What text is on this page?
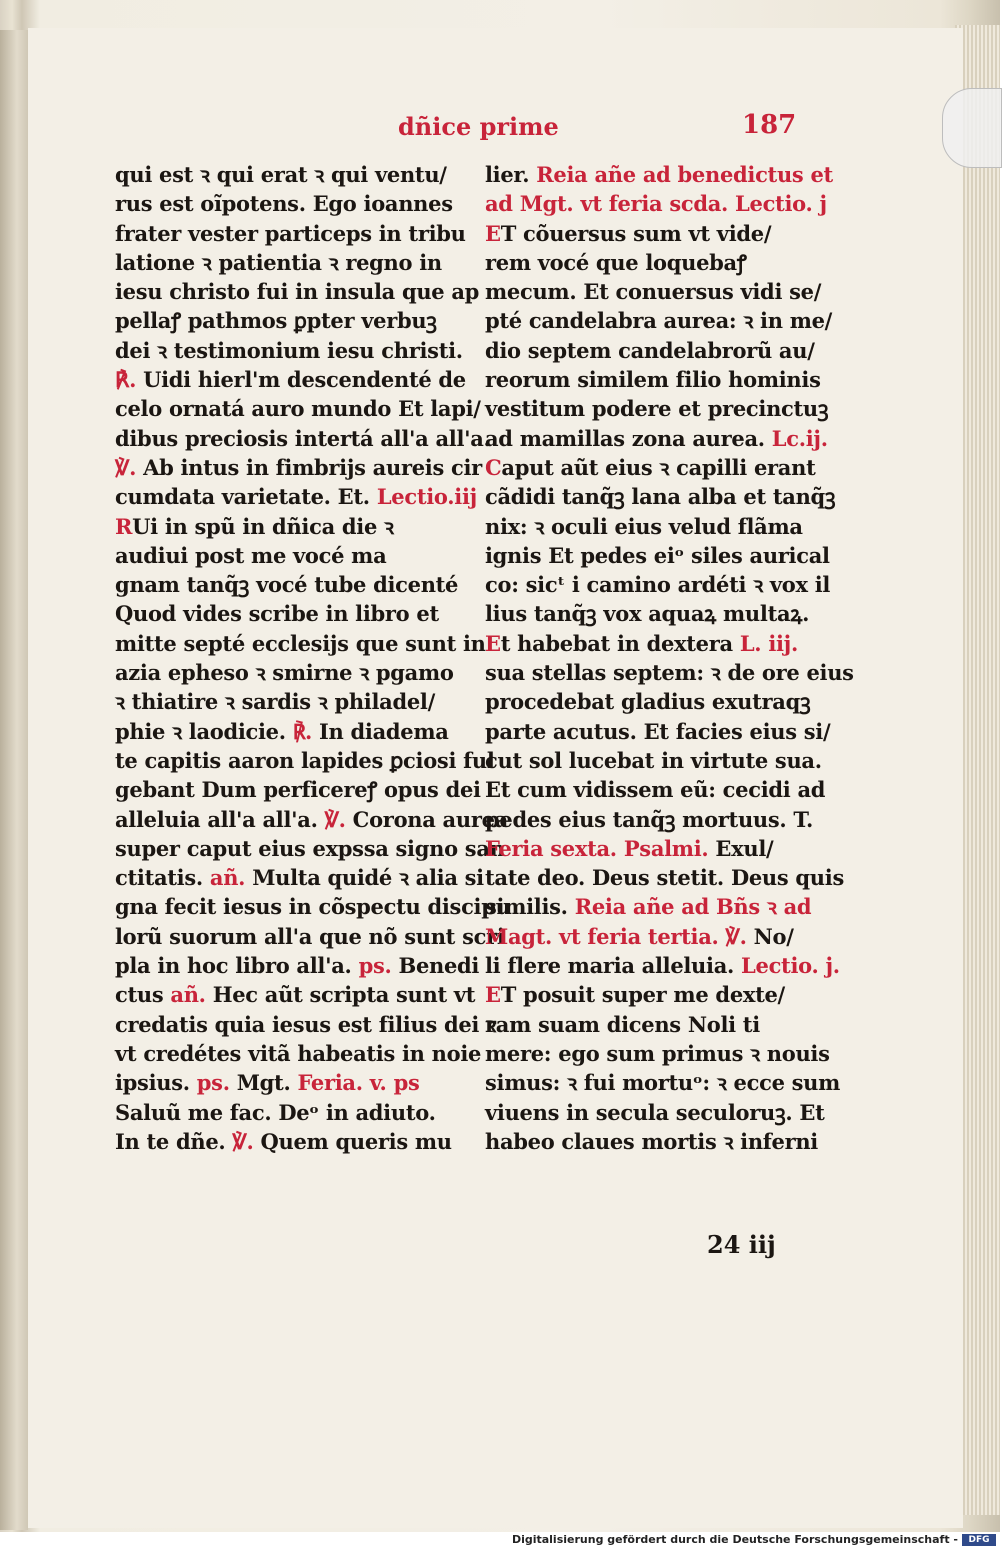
dñice prime	187
qui est ꝛ qui erat ꝛ qui ventu/
rus est oĩpotens. Ego ioannes
frater vester particeps in tribu
latione ꝛ patientia ꝛ regno in
iesu christo fui in insula que ap
pellaꝭ pathmos ꝑpter verbuꝫ
dei ꝛ testimonium iesu christi.
℟. Uidi hierl'm descendenté de
celo ornatá auro mundo Et lapi/
dibus preciosis intertá all'a all'a.
℣. Ab intus in fimbrijs aureis cir
cumdata varietate. Et. Lectio.iij
RUi in spũ in dñica die ꝛ
audiui post me vocé ma
gnam tanq̃ꝫ vocé tube dicenté
Quod vides scribe in libro et
mitte septé ecclesijs que sunt in
azia epheso ꝛ smirne ꝛ pgamo
ꝛ thiatire ꝛ sardis ꝛ philadel/
phie ꝛ laodicie. ℟. In diadema
te capitis aaron lapides ꝑciosi ful
gebant Dum perficereꝭ opus dei
alleluia all'a all'a. ℣. Corona aurea
super caput eius expssa signo san
ctitatis. añ. Multa quidé ꝛ alia si
gna fecit iesus in cõspectu discipu
lorũ suorum all'a que nõ sunt scri
pla in hoc libro all'a. ps. Benedi
ctus añ. Hec aũt scripta sunt vt
credatis quia iesus est filius dei ꝛ
vt credétes vitã habeatis in noie
ipsius. ps. Mgt. Feria. v. ps
Saluũ me fac. Deᵒ in adiuto.
In te dñe. ℣. Quem queris mu
lier. Reia añe ad benedictus et
ad Mgt. vt feria scda. Lectio. j
ET cõuersus sum vt vide/
rem vocé que loquebaꝭ
mecum. Et conuersus vidi se/
pté candelabra aurea: ꝛ in me/
dio septem candelabrorũ au/
reorum similem filio hominis
vestitum podere et precinctuꝫ
ad mamillas zona aurea. Lc.ij.
Caput aũt eius ꝛ capilli erant
cãdidi tanq̃ꝫ lana alba et tanq̃ꝫ
nix: ꝛ oculi eius velud flãma
ignis Et pedes eiᵒ siles aurical
co: sicᵗ i camino ardéti ꝛ vox il
lius tanq̃ꝫ vox aquaꝝ multaꝝ.
Et habebat in dextera L. iij.
sua stellas septem: ꝛ de ore eius
procedebat gladius exutraqꝫ
parte acutus. Et facies eius si/
cut sol lucebat in virtute sua.
Et cum vidissem eũ: cecidi ad
pedes eius tanq̃ꝫ mortuus. T.
Feria sexta. Psalmi. Exul/
tate deo. Deus stetit. Deus quis
similis. Reia añe ad Bñs ꝛ ad
Magt. vt feria tertia. ℣. No/
li flere maria alleluia. Lectio. j.
ET posuit super me dexte/
ram suam dicens Noli ti
mere: ego sum primus ꝛ nouis
simus: ꝛ fui mortuᵒ: ꝛ ecce sum
viuens in secula seculoruꝫ. Et
habeo claues mortis ꝛ inferni
24 iij
Digitalisierung gefördert durch die Deutsche Forschungsgemeinschaft -	DFG
